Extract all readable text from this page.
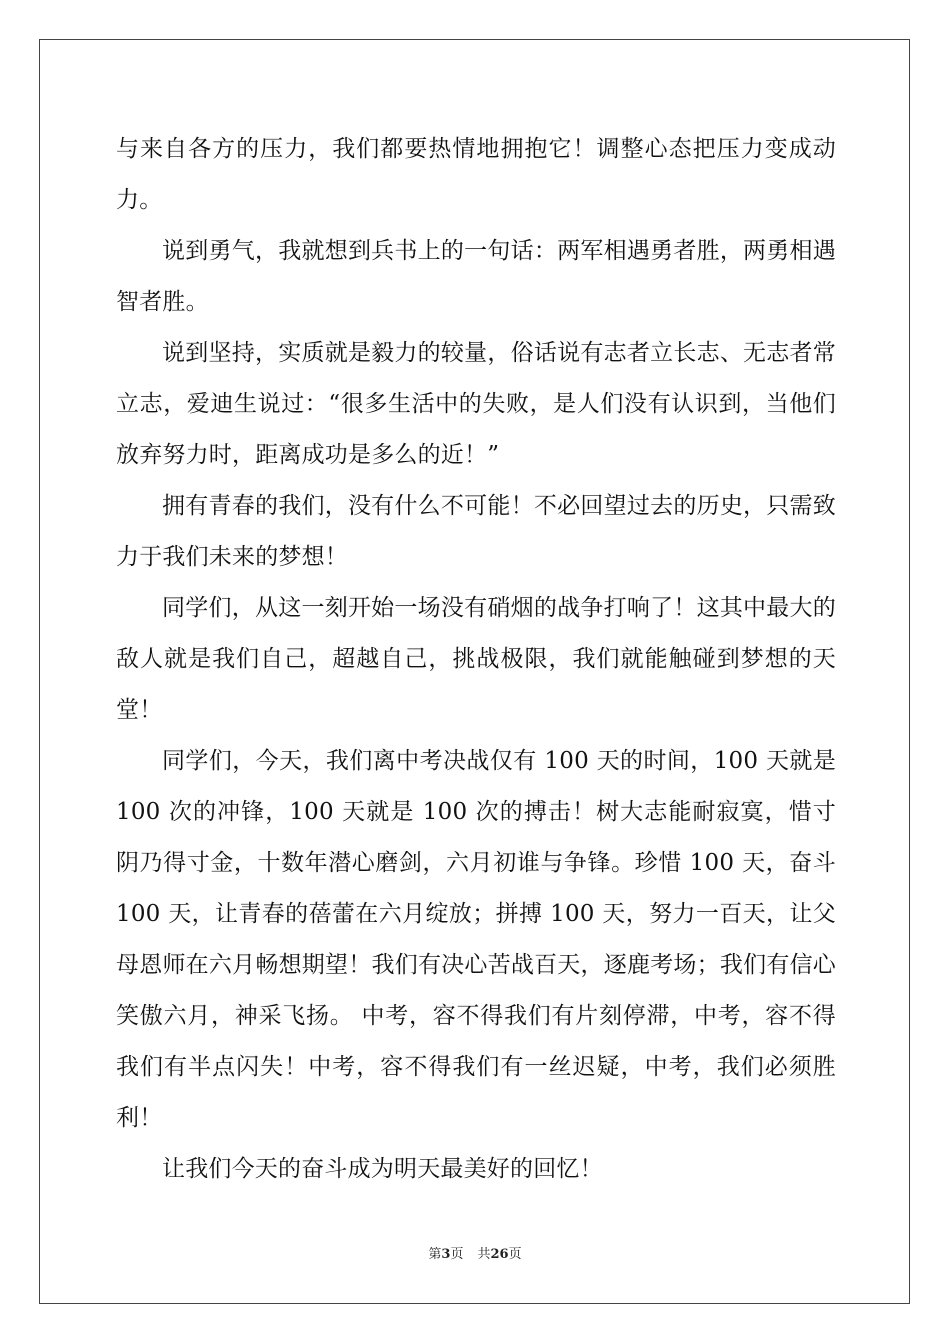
与来自各方的压力，我们都要热情地拥抱它！调整心态把压力变成动力。

说到勇气，我就想到兵书上的一句话：两军相遇勇者胜，两勇相遇智者胜。

说到坚持，实质就是毅力的较量，俗话说有志者立长志、无志者常立志，爱迪生说过：“很多生活中的失败，是人们没有认识到，当他们放弃努力时，距离成功是多么的近！”

拥有青春的我们，没有什么不可能！不必回望过去的历史，只需致力于我们未来的梦想！

同学们，从这一刻开始一场没有硝烟的战争打响了！这其中最大的敌人就是我们自己，超越自己，挑战极限，我们就能触碰到梦想的天堂！

同学们，今天，我们离中考决战仅有 100 天的时间，100 天就是 100 次的冲锋，100 天就是 100 次的搏击！树大志能耐寂寞，惜寸阴乃得寸金，十数年潜心磨剑，六月初谁与争锋。珍惜 100 天，奋斗 100 天，让青春的蓓蕾在六月绽放；拼搏 100 天，努力一百天，让父母恩师在六月畅想期望！我们有决心苦战百天，逐鹿考场；我们有信心笑傲六月，神采飞扬。 中考，容不得我们有片刻停滞，中考，容不得我们有半点闪失！中考，容不得我们有一丝迟疑，中考，我们必须胜利！

让我们今天的奋斗成为明天最美好的回忆！

第3页 共26页
